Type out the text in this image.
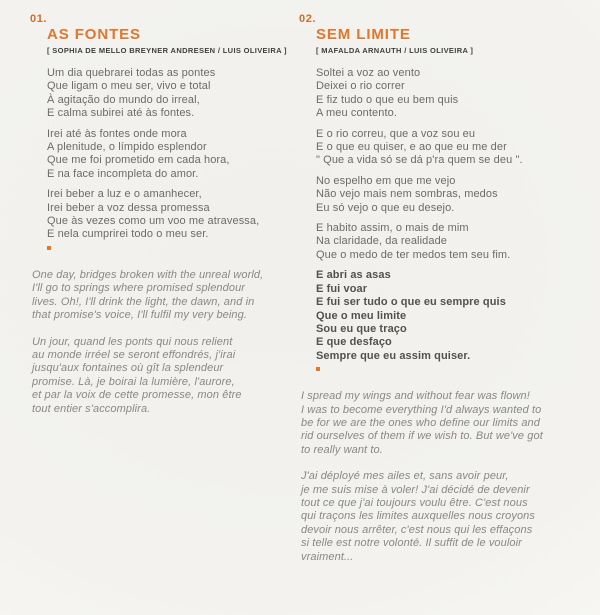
01.
AS FONTES
[ SOPHIA DE MELLO BREYNER ANDRESEN / LUIS OLIVEIRA ]

Um dia quebrarei todas as pontes
Que ligam o meu ser, vivo e total
À agitação do mundo do irreal,
E calma subirei até às fontes.

Irei até às fontes onde mora
A plenitude, o límpido esplendor
Que me foi prometido em cada hora,
E na face incompleta do amor.

Irei beber a luz e o amanhecer,
Irei beber a voz dessa promessa
Que às vezes como um voo me atravessa,
E nela cumprirei todo o meu ser.

One day, bridges broken with the unreal world,
I'll go to springs where promised splendour
lives. Oh!, I'll drink the light, the dawn, and in
that promise's voice, I'll fulfil my very being.

Un jour, quand les ponts qui nous relient
au monde irréel se seront effondrés, j'irai
jusqu'aux fontaines où gît la splendeur
promise. Là, je boirai la lumière, l'aurore,
et par la voix de cette promesse, mon être
tout entier s'accomplira.

02.
SEM LIMITE
[ MAFALDA ARNAUTH / LUIS OLIVEIRA ]

Soltei a voz ao vento
Deixei o rio correr
E fiz tudo o que eu bem quis
A meu contento.

E o rio correu, que a voz sou eu
E o que eu quiser, e ao que eu me der
" Que a vida só se dá p'ra quem se deu ".

No espelho em que me vejo
Não vejo mais nem sombras, medos
Eu só vejo o que eu desejo.

E habito assim, o mais de mim
Na claridade, da realidade
Que o medo de ter medos tem seu fim.

E abri as asas
E fui voar
E fui ser tudo o que eu sempre quis
Que o meu limite
Sou eu que traço
E que desfaço
Sempre que eu assim quiser.

I spread my wings and without fear was flown!
I was to become everything I'd always wanted to
be for we are the ones who define our limits and
rid ourselves of them if we wish to. But we've got
to really want to.

J'ai déployé mes ailes et, sans avoir peur,
je me suis mise à voler! J'ai décidé de devenir
tout ce que j'ai toujours voulu être. C'est nous
qui traçons les limites auxquelles nous croyons
devoir nous arrêter, c'est nous qui les effaçons
si telle est notre volonté. Il suffit de le vouloir
vraiment...
